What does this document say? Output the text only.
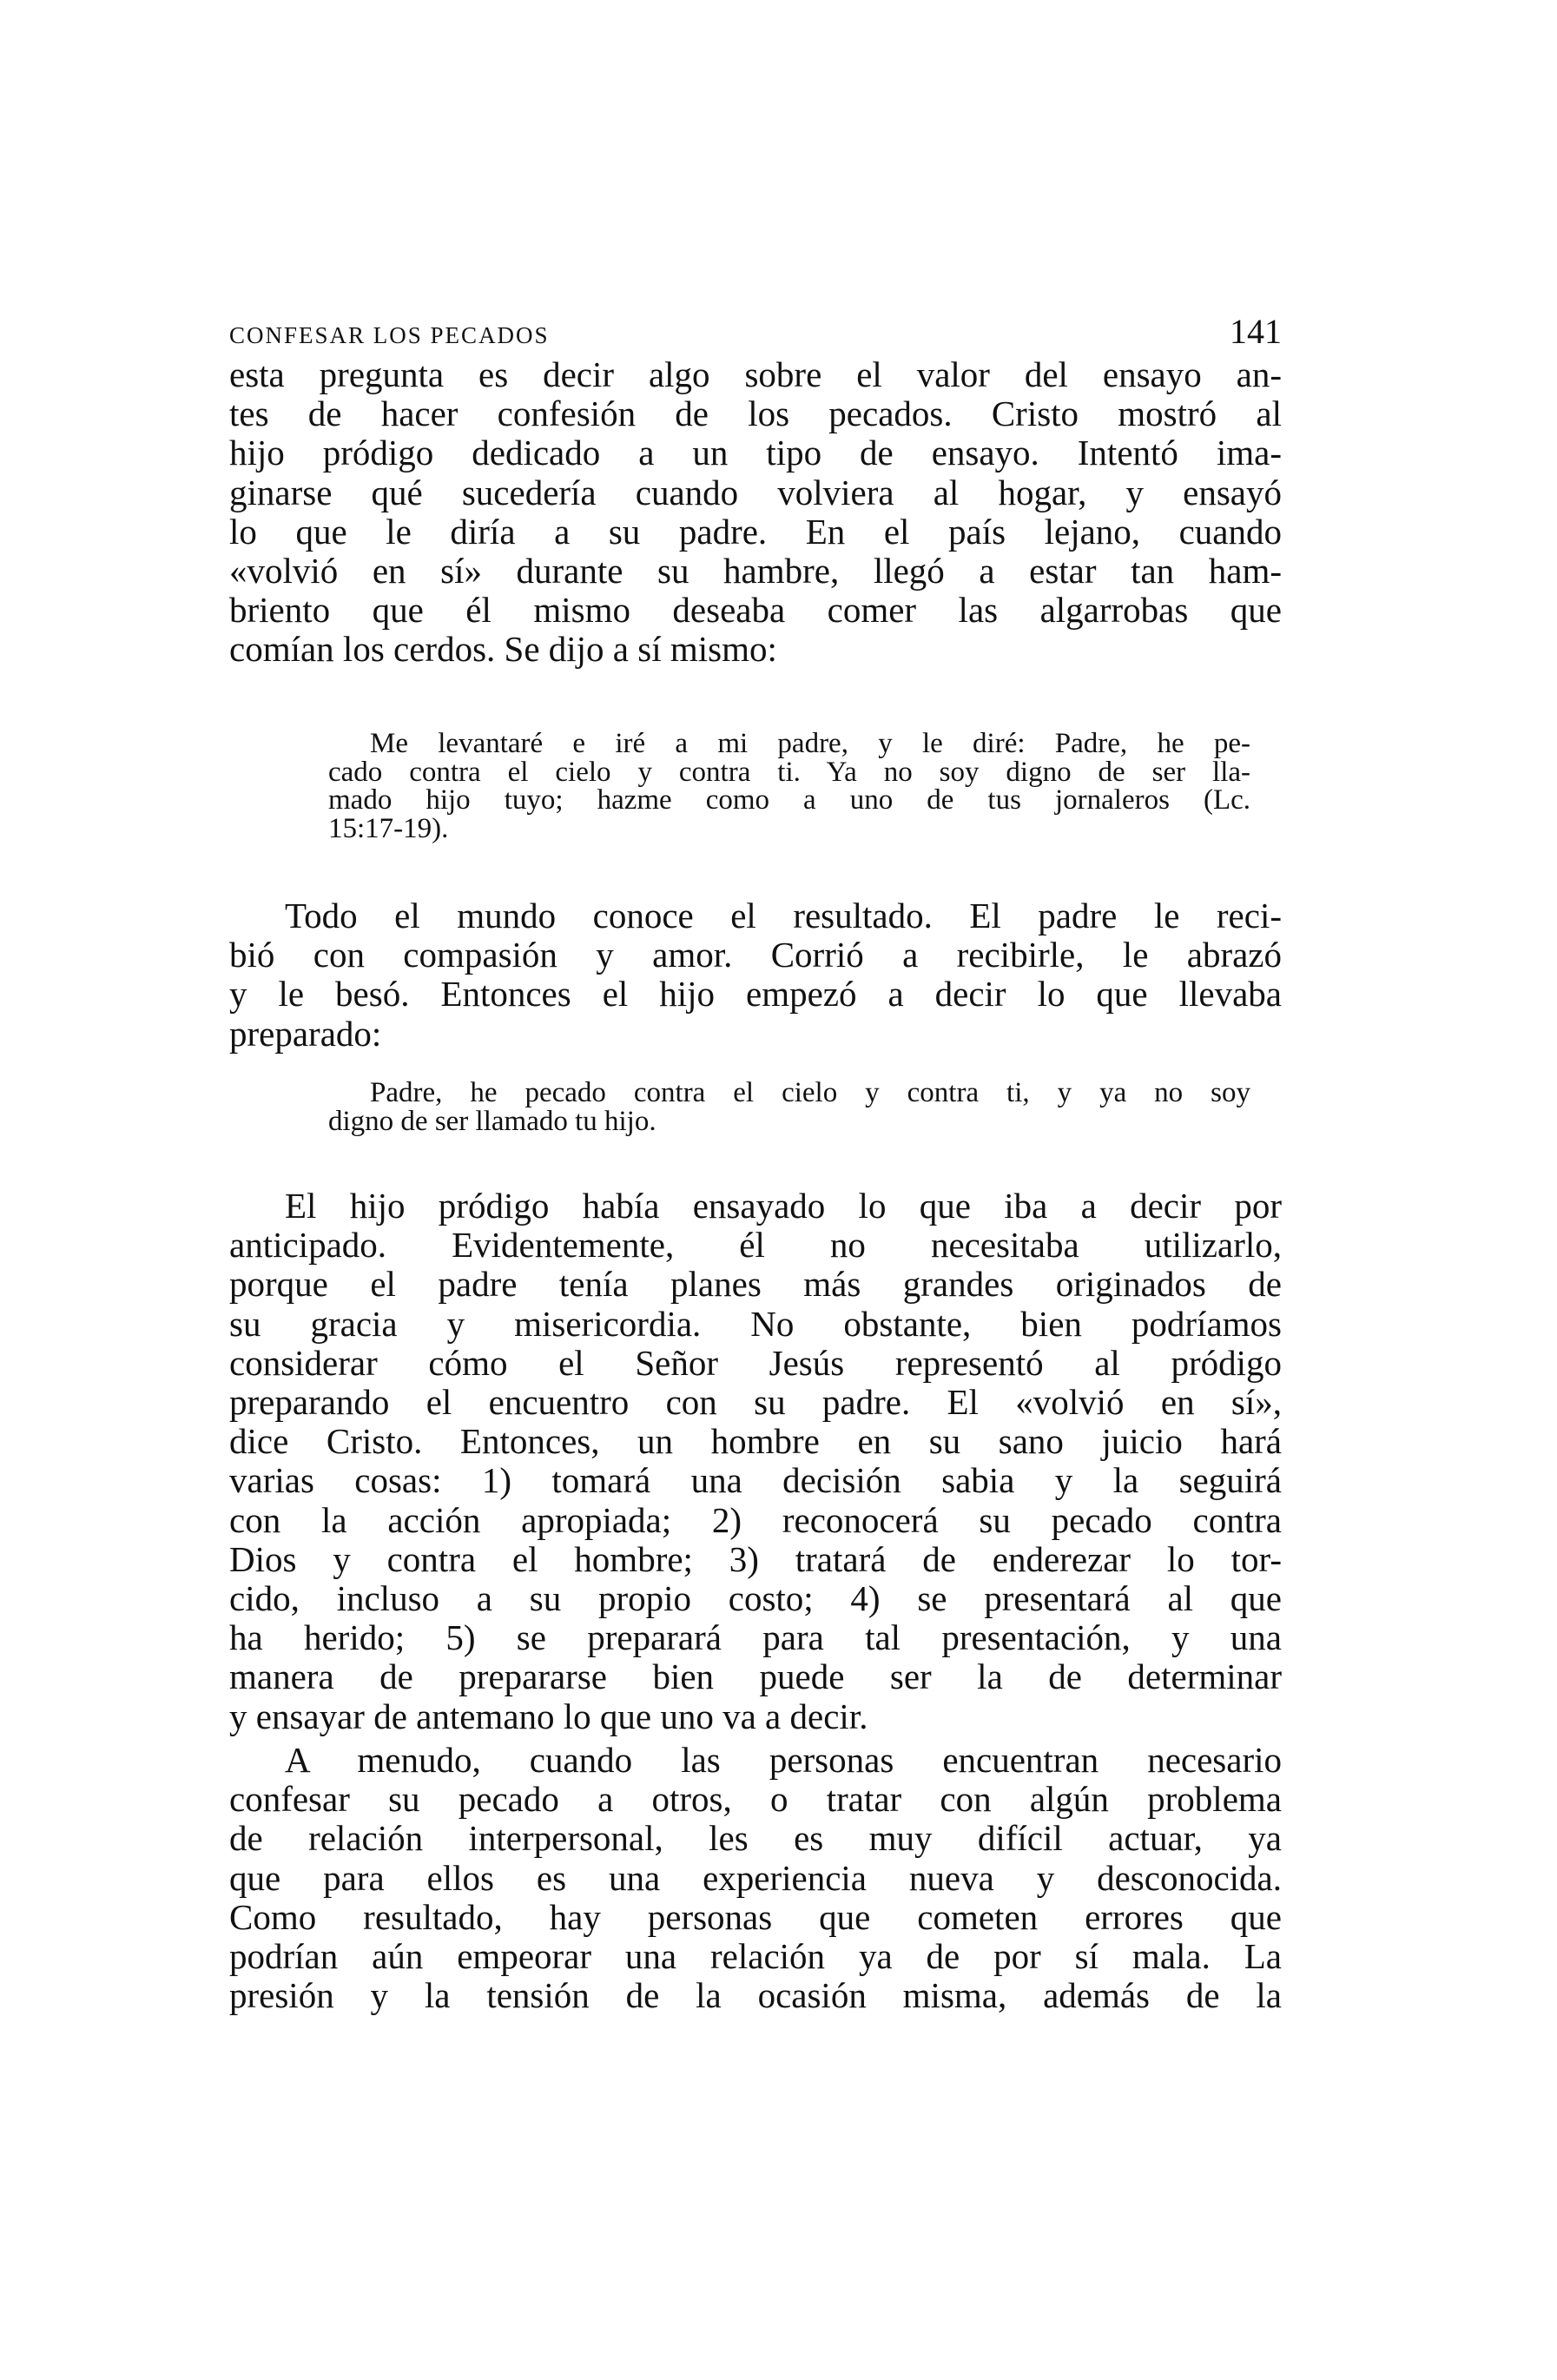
CONFESAR LOS PECADOS	141

esta pregunta es decir algo sobre el valor del ensayo an-
tes de hacer confesión de los pecados. Cristo mostró al
hijo pródigo dedicado a un tipo de ensayo. Intentó ima-
ginarse qué sucedería cuando volviera al hogar, y ensayó
lo que le diría a su padre. En el país lejano, cuando
«volvió en sí» durante su hambre, llegó a estar tan ham-
briento que él mismo deseaba comer las algarrobas que
comían los cerdos. Se dijo a sí mismo:

Me levantaré e iré a mi padre, y le diré: Padre, he pe-
cado contra el cielo y contra ti. Ya no soy digno de ser lla-
mado hijo tuyo; hazme como a uno de tus jornaleros (Lc.
15:17-19).

Todo el mundo conoce el resultado. El padre le reci-
bió con compasión y amor. Corrió a recibirle, le abrazó
y le besó. Entonces el hijo empezó a decir lo que llevaba
preparado:

Padre, he pecado contra el cielo y contra ti, y ya no soy
digno de ser llamado tu hijo.

El hijo pródigo había ensayado lo que iba a decir por
anticipado. Evidentemente, él no necesitaba utilizarlo,
porque el padre tenía planes más grandes originados de
su gracia y misericordia. No obstante, bien podríamos
considerar cómo el Señor Jesús representó al pródigo
preparando el encuentro con su padre. El «volvió en sí»,
dice Cristo. Entonces, un hombre en su sano juicio hará
varias cosas: 1) tomará una decisión sabia y la seguirá
con la acción apropiada; 2) reconocerá su pecado contra
Dios y contra el hombre; 3) tratará de enderezar lo tor-
cido, incluso a su propio costo; 4) se presentará al que
ha herido; 5) se preparará para tal presentación, y una
manera de prepararse bien puede ser la de determinar
y ensayar de antemano lo que uno va a decir.

A menudo, cuando las personas encuentran necesario
confesar su pecado a otros, o tratar con algún problema
de relación interpersonal, les es muy difícil actuar, ya
que para ellos es una experiencia nueva y desconocida.
Como resultado, hay personas que cometen errores que
podrían aún empeorar una relación ya de por sí mala. La
presión y la tensión de la ocasión misma, además de la
